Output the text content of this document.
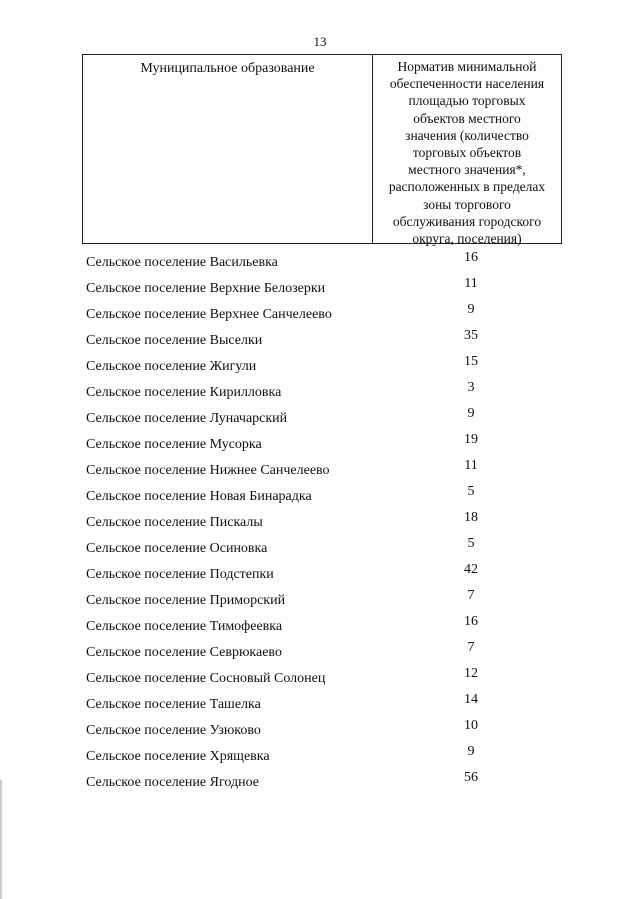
13
Муниципальное образование	Норматив минимальной
обеспеченности населения
площадью торговых
объектов местного
значения (количество
торговых объектов
местного значения*,
расположенных в пределах
зоны торгового
обслуживания городского
округа, поселения)
Сельское поселение Васильевка	16
Сельское поселение Верхние Белозерки	11
Сельское поселение Верхнее Санчелеево	9
Сельское поселение Выселки	35
Сельское поселение Жигули	15
Сельское поселение Кирилловка	3
Сельское поселение Луначарский	9
Сельское поселение Мусорка	19
Сельское поселение Нижнее Санчелеево	11
Сельское поселение Новая Бинарадка	5
Сельское поселение Пискалы	18
Сельское поселение Осиновка	5
Сельское поселение Подстепки	42
Сельское поселение Приморский	7
Сельское поселение Тимофеевка	16
Сельское поселение Севрюкаево	7
Сельское поселение Сосновый Солонец	12
Сельское поселение Ташелка	14
Сельское поселение Узюково	10
Сельское поселение Хрящевка	9
Сельское поселение Ягодное	56
